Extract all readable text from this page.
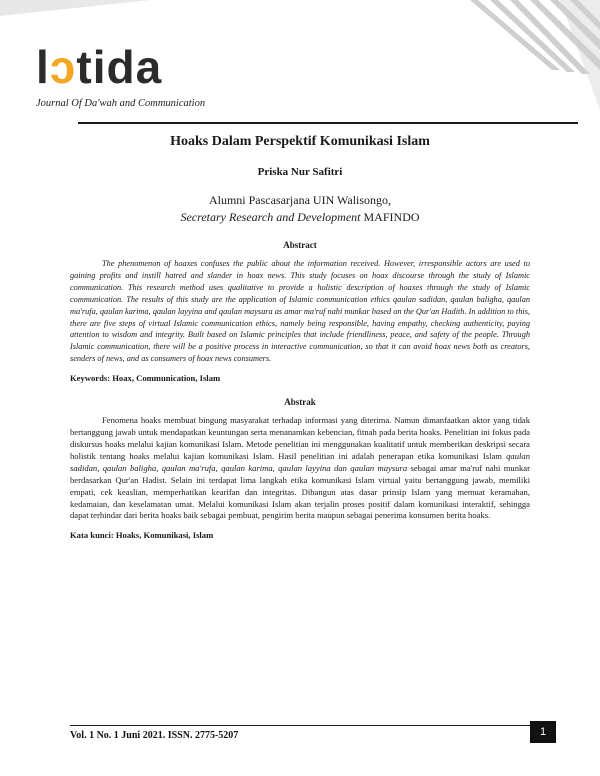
lɔtida
Journal Of Da'wah and Communication
Hoaks Dalam Perspektif Komunikasi Islam
Priska Nur Safitri
Alumni Pascasarjana UIN Walisongo,
Secretary Research and Development MAFINDO
Abstract
The phenomenon of hoaxes confuses the public about the information received. However, irresponsible actors are used to gaining profits and instill hatred and slander in hoax news. This study focuses on hoax discourse through the study of Islamic communication. This research method uses qualitative to provide a holistic description of hoaxes through the study of Islamic communication. The results of this study are the application of Islamic communication ethics qaulan sadidan, qaulan baligha, qaulan ma'rufa, qaulan karima, qaulan layyina and qaulan maysura as amar ma'ruf nahi munkar based on the Qur'an Hadith. In addition to this, there are five steps of virtual Islamic communication ethics, namely being responsible, having empathy, checking authenticity, paying attention to wisdom and integrity. Built based on Islamic principles that include friendliness, peace, and safety of the people. Through Islamic communication, there will be a positive process in interactive communication, so that it can avoid hoax news both as creators, senders of news, and as consumers of hoax news consumers.
Keywords: Hoax, Communication, Islam
Abstrak
Fenomena hoaks membuat bingung masyarakat terhadap informasi yang diterima. Namun dimanfaatkan aktor yang tidak bertanggung jawab untuk mendapatkan keuntungan serta menanamkan kebencian, fitnah pada berita hoaks. Penelitian ini fokus pada diskursus hoaks melalui kajian komunikasi Islam. Metode penelitian ini menggunakan kualitatif untuk memberikan deskripsi secara holistik tentang hoaks melalui kajian komunikasi Islam. Hasil penelitian ini adalah penerapan etika komunikasi Islam qaulan sadidan, qaulan baligha, qaulan ma'rufa, qaulan karima, qaulan layyina dan qaulan maysura sebagai amar ma'ruf nahi munkar berdasarkan Qur'an Hadist. Selain ini terdapat lima langkah etika komunikasi Islam virtual yaitu bertanggung jawab, memiliki empati, cek keaslian, memperhatikan kearifan dan integritas. Dibangun atas dasar prinsip Islam yang memuat keramahan, kedamaian, dan keselamatan umat. Melalui komunikasi Islam akan terjalin proses positif dalam komunikasi interaktif, sehingga dapat terhindar dari berita hoaks baik sebagai pembuat, pengirim berita maupun sebagai penerima konsumen berita hoaks.
Kata kunci: Hoaks, Komunikasi, Islam
Vol. 1 No. 1 Juni 2021. ISSN. 2775-5207	1
